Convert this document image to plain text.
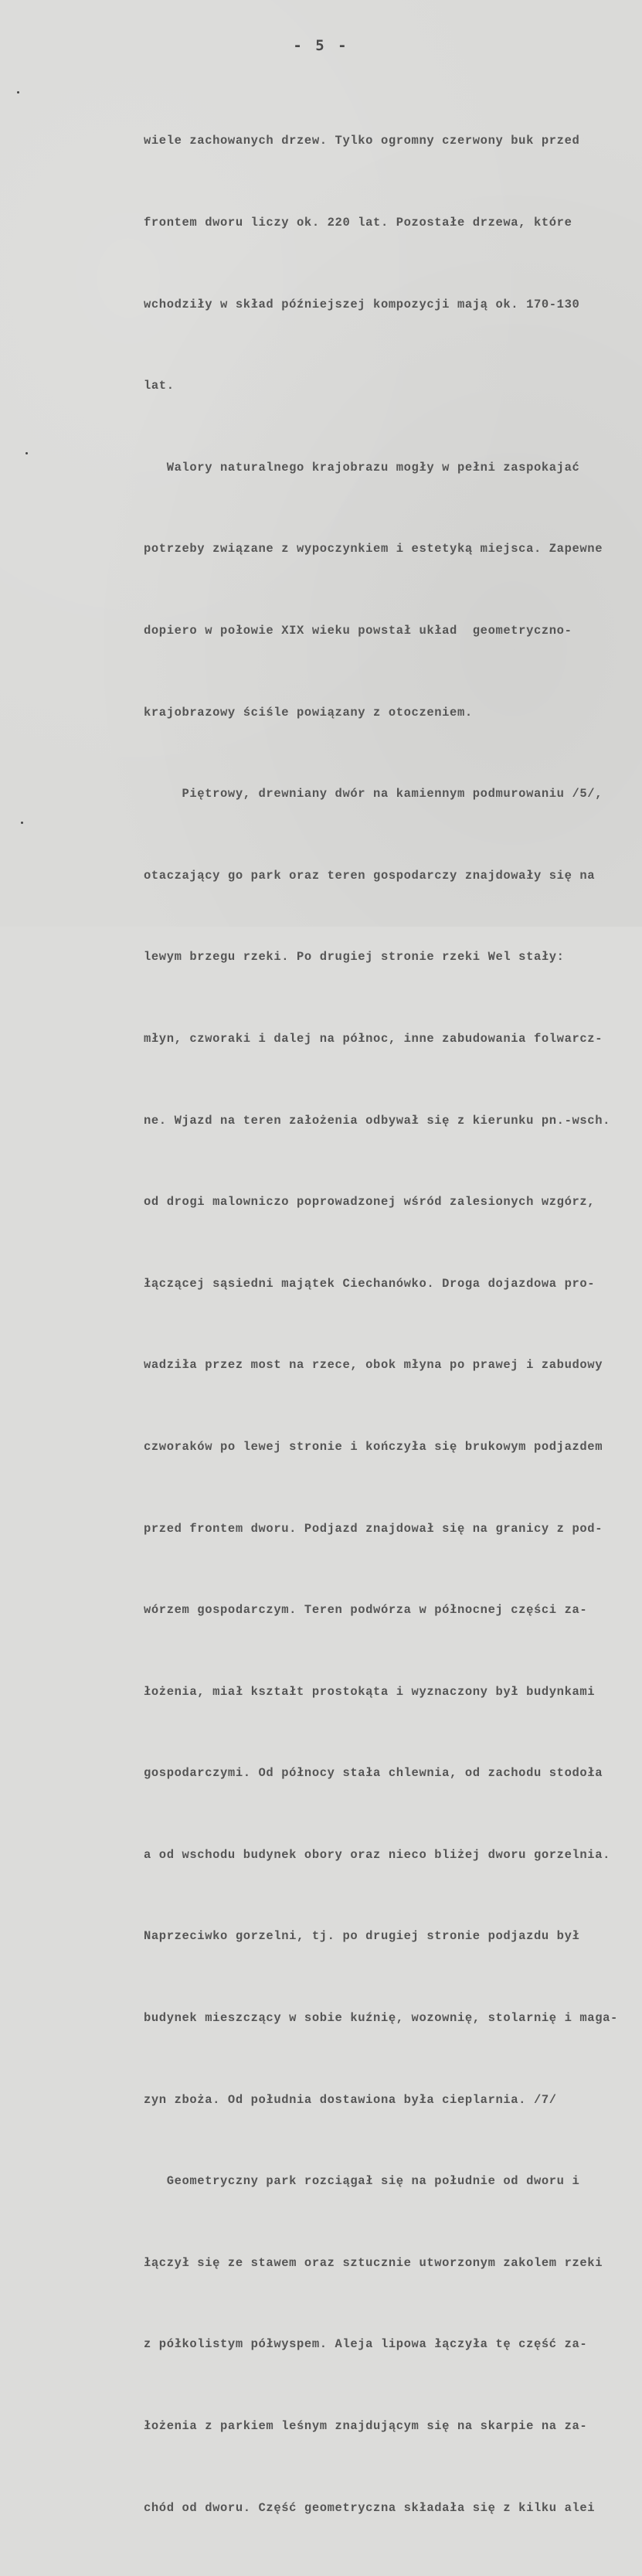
- 5 -

wiele zachowanych drzew. Tylko ogromny czerwony buk przed

frontem dworu liczy ok. 220 lat. Pozostałe drzewa, które

wchodziły w skład późniejszej kompozycji mają ok. 170-130

lat.

Walory naturalnego krajobrazu mogły w pełni zaspokajać

potrzeby związane z wypoczynkiem i estetyką miejsca. Zapewne

dopiero w połowie XIX wieku powstał układ  geometryczno-

krajobrazowy ściśle powiązany z otoczeniem.

Piętrowy, drewniany dwór na kamiennym podmurowaniu /5/,

otaczający go park oraz teren gospodarczy znajdowały się na

lewym brzegu rzeki. Po drugiej stronie rzeki Wel stały:

młyn, czworaki i dalej na północ, inne zabudowania folwarcz-

ne. Wjazd na teren założenia odbywał się z kierunku pn.-wsch.

od drogi malowniczo poprowadzonej wśród zalesionych wzgórz,

łączącej sąsiedni majątek Ciechanówko. Droga dojazdowa pro-

wadziła przez most na rzece, obok młyna po prawej i zabudowy

czworaków po lewej stronie i kończyła się brukowym podjazdem

przed frontem dworu. Podjazd znajdował się na granicy z pod-

wórzem gospodarczym. Teren podwórza w północnej części za-

łożenia, miał kształt prostokąta i wyznaczony był budynkami

gospodarczymi. Od północy stała chlewnia, od zachodu stodoła

a od wschodu budynek obory oraz nieco bliżej dworu gorzelnia.

Naprzeciwko gorzelni, tj. po drugiej stronie podjazdu był

budynek mieszczący w sobie kuźnię, wozownię, stolarnię i maga-

zyn zboża. Od południa dostawiona była cieplarnia. /7/

Geometryczny park rozciągał się na południe od dworu i

łączył się ze stawem oraz sztucznie utworzonym zakolem rzeki

z półkolistym półwyspem. Aleja lipowa łączyła tę część za-

łożenia z parkiem leśnym znajdującym się na skarpie na za-

chód od dworu. Część geometryczna składała się z kilku alei
